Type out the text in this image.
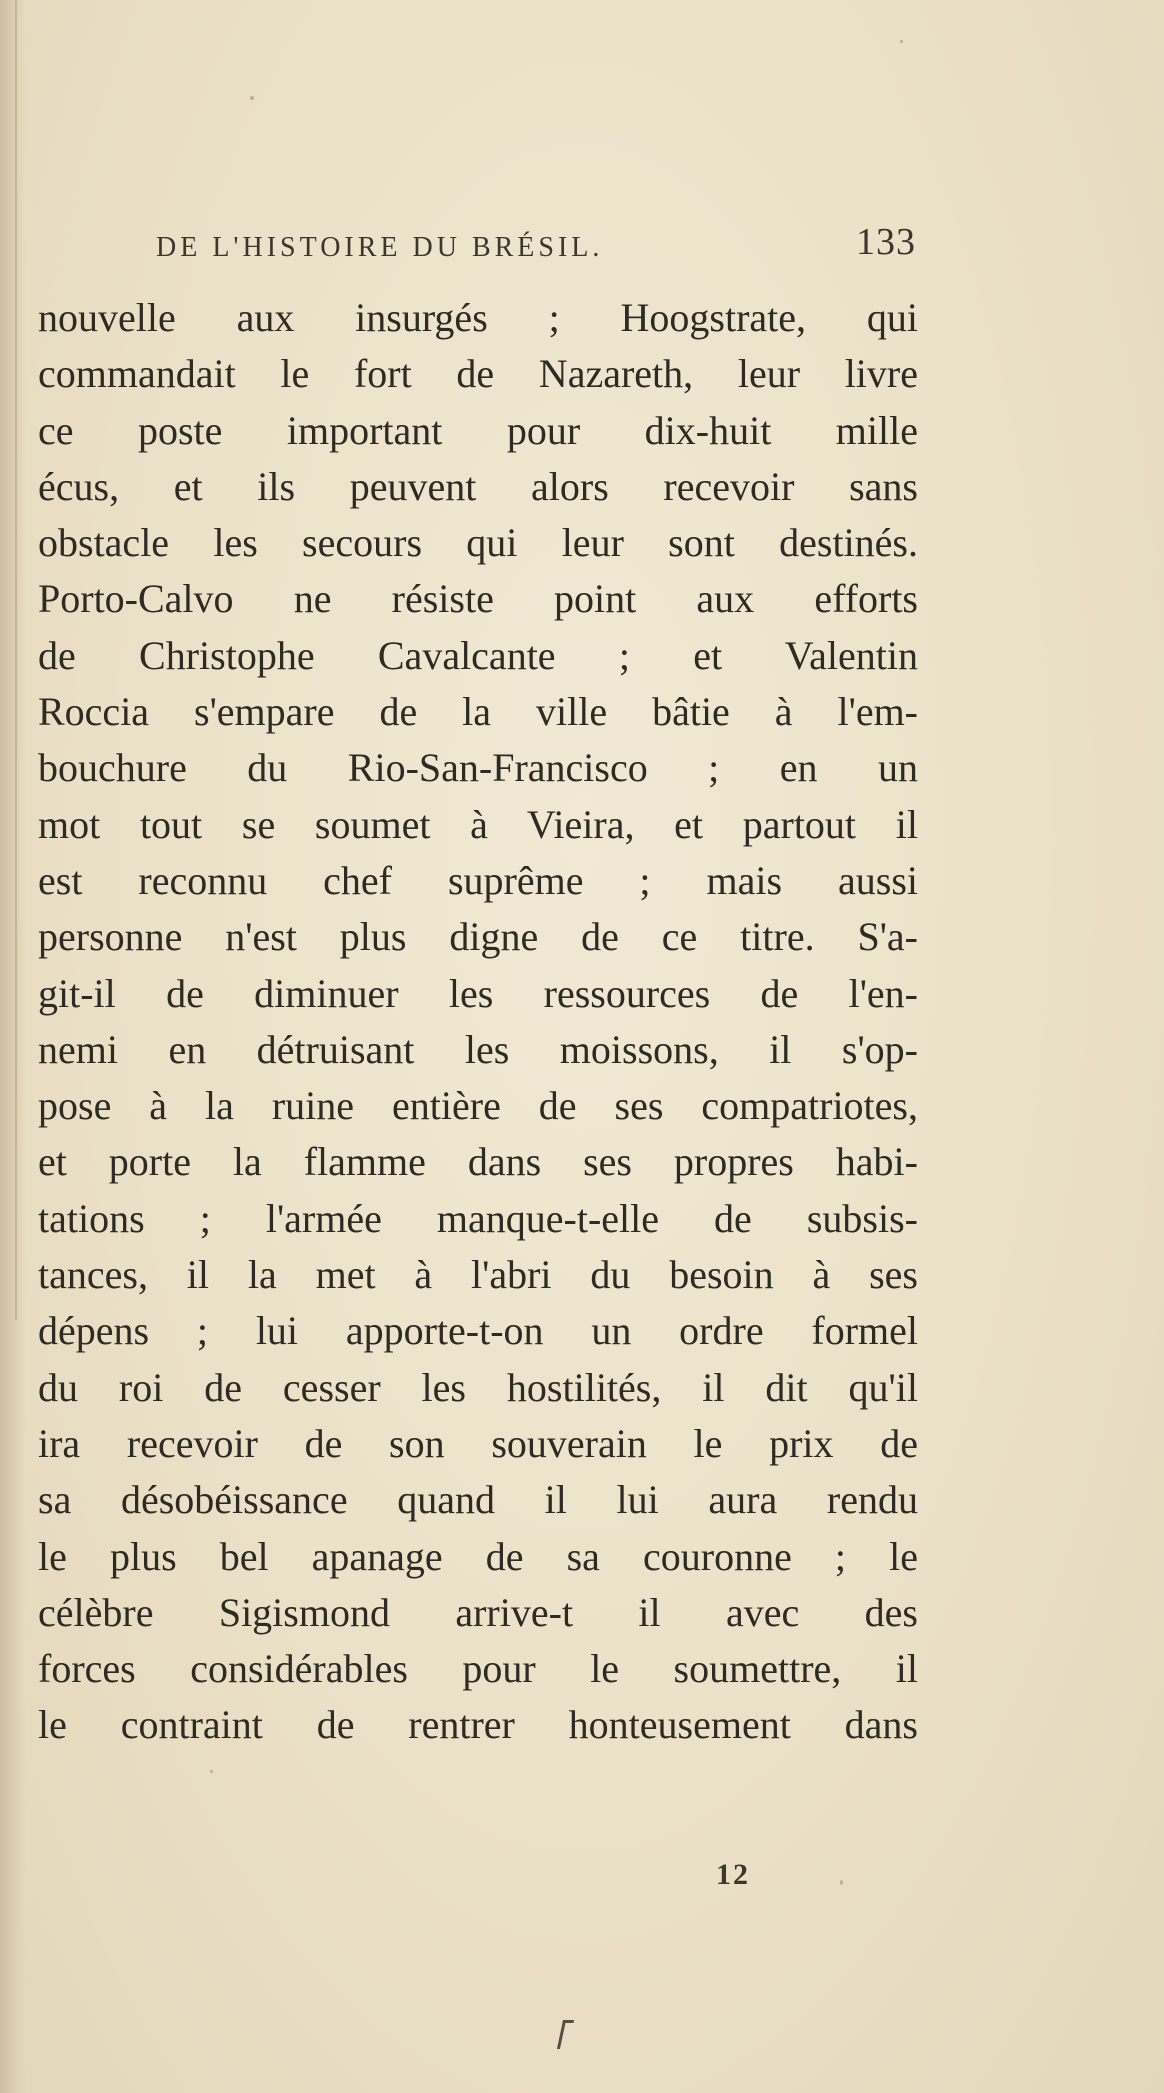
DE L'HISTOIRE DU BRÉSIL.	133
nouvelle aux insurgés ; Hoogstrate, qui
commandait le fort de Nazareth, leur livre
ce poste important pour dix-huit mille
écus, et ils peuvent alors recevoir sans
obstacle les secours qui leur sont destinés.
Porto-Calvo ne résiste point aux efforts
de Christophe Cavalcante ; et Valentin
Roccia s'empare de la ville bâtie à l'em-
bouchure du Rio-San-Francisco ; en un
mot tout se soumet à Vieira, et partout il
est reconnu chef suprême ; mais aussi
personne n'est plus digne de ce titre. S'a-
git-il de diminuer les ressources de l'en-
nemi en détruisant les moissons, il s'op-
pose à la ruine entière de ses compatriotes,
et porte la flamme dans ses propres habi-
tations ; l'armée manque-t-elle de subsis-
tances, il la met à l'abri du besoin à ses
dépens ; lui apporte-t-on un ordre formel
du roi de cesser les hostilités, il dit qu'il
ira recevoir de son souverain le prix de
sa désobéissance quand il lui aura rendu
le plus bel apanage de sa couronne ; le
célèbre Sigismond arrive-t il avec des
forces considérables pour le soumettre, il
le contraint de rentrer honteusement dans
12
